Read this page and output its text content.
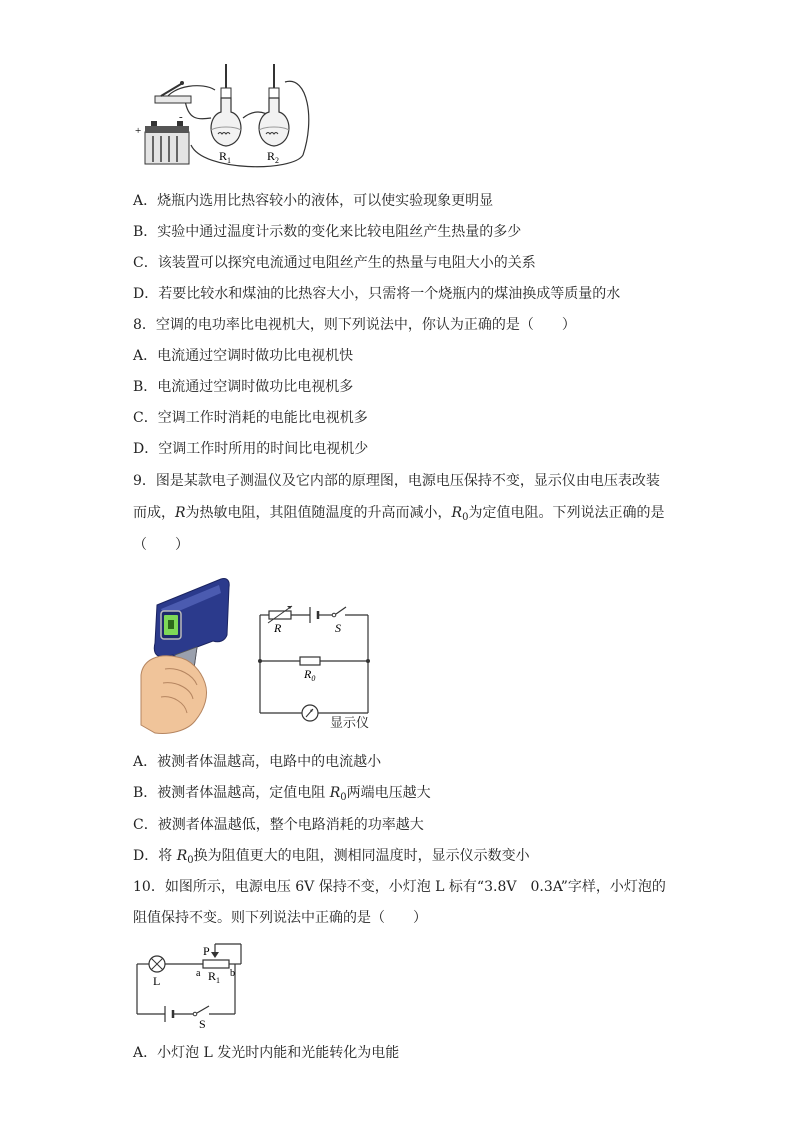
+
-
$R_1$	$R_2$
A．烧瓶内选用比热容较小的液体，可以使实验现象更明显
B．实验中通过温度计示数的变化来比较电阻丝产生热量的多少
C．该装置可以探究电流通过电阻丝产生的热量与电阻大小的关系
D．若要比较水和煤油的比热容大小，只需将一个烧瓶内的煤油换成等质量的水
8．空调的电功率比电视机大，则下列说法中，你认为正确的是（　　）
A．电流通过空调时做功比电视机快
B．电流通过空调时做功比电视机多
C．空调工作时消耗的电能比电视机多
D．空调工作时所用的时间比电视机少
9．图是某款电子测温仪及它内部的原理图，电源电压保持不变，显示仪由电压表改装
而成，R为热敏电阻，其阻值随温度的升高而减小，$R_0$为定值电阻。下列说法正确的是
（　　）
R	S
$R_0$
显示仪
A．被测者体温越高，电路中的电流越小
B．被测者体温越高，定值电阻 $R_0$两端电压越大
C．被测者体温越低，整个电路消耗的功率越大
D．将 $R_0$换为阻值更大的电阻，测相同温度时，显示仪示数变小
10．如图所示，电源电压 6V 保持不变，小灯泡 L 标有“3.8V　0.3A”字样，小灯泡的
阻值保持不变。则下列说法中正确的是（　　）
L
P
a	b
$R_1$
S
A．小灯泡 L 发光时内能和光能转化为电能
